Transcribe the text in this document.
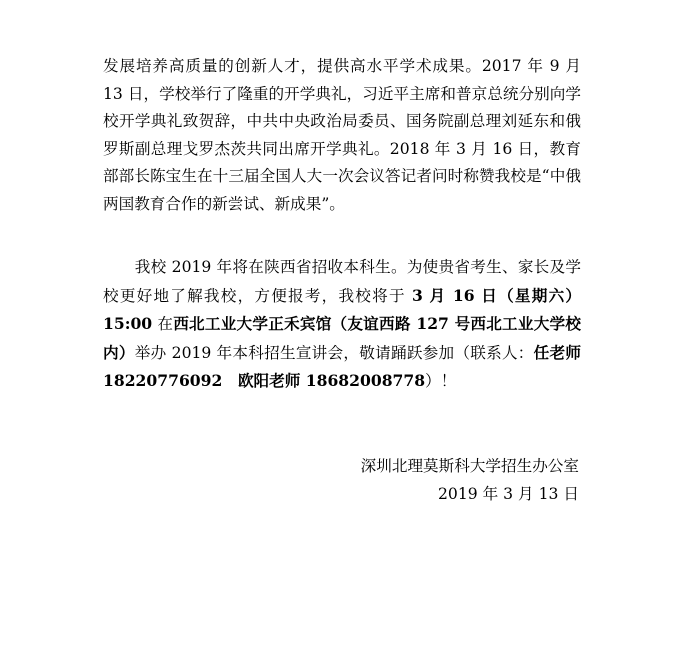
发展培养高质量的创新人才，提供高水平学术成果。2017 年 9 月 13 日，学校举行了隆重的开学典礼，习近平主席和普京总统分别向学校开学典礼致贺辞，中共中央政治局委员、国务院副总理刘延东和俄罗斯副总理戈罗杰茨共同出席开学典礼。2018 年 3 月 16 日，教育部部长陈宝生在十三届全国人大一次会议答记者问时称赞我校是“中俄两国教育合作的新尝试、新成果”。

　　我校 2019 年将在陕西省招收本科生。为使贵省考生、家长及学校更好地了解我校，方便报考，我校将于 3 月 16 日（星期六）15:00 在西北工业大学正禾宾馆（友谊西路 127 号西北工业大学校内）举办 2019 年本科招生宣讲会，敬请踊跃参加（联系人：任老师 18220776092　欧阳老师 18682008778）！

深圳北理莫斯科大学招生办公室
2019 年 3 月 13 日
